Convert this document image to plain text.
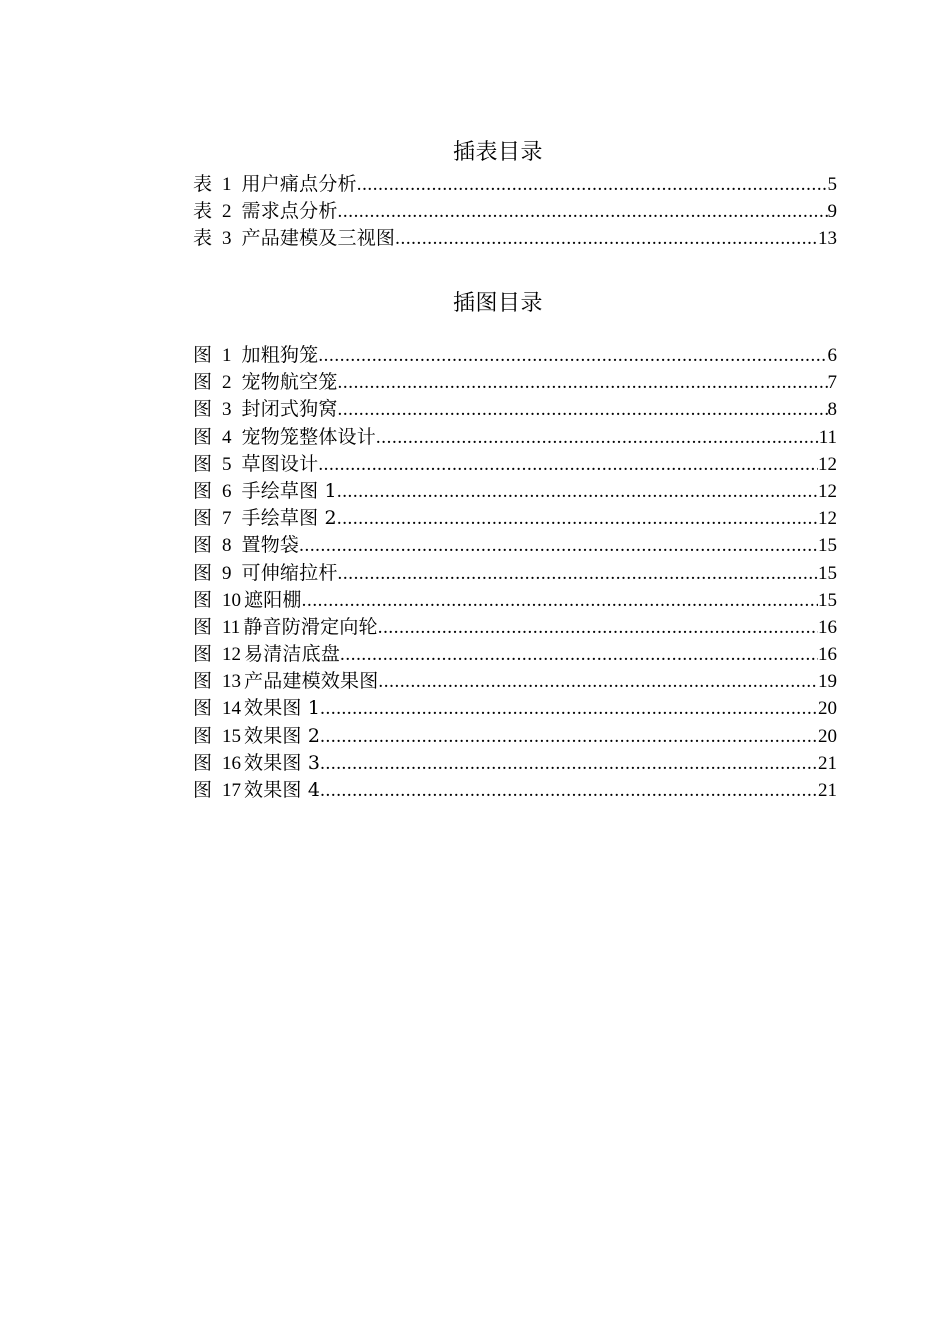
插表目录
表 1 用户痛点分析 .....	5
表 2 需求点分析 .....	9
表 3 产品建模及三视图 .....	13
插图目录
图 1 加粗狗笼 .....	6
图 2 宠物航空笼 .....	7
图 3 封闭式狗窝 .....	8
图 4 宠物笼整体设计 .....	11
图 5 草图设计 .....	12
图 6 手绘草图 1 .....	12
图 7 手绘草图 2 .....	12
图 8 置物袋 .....	15
图 9 可伸缩拉杆 .....	15
图 10 遮阳棚 .....	15
图 11 静音防滑定向轮 .....	16
图 12 易清洁底盘 .....	16
图 13 产品建模效果图 .....	19
图 14 效果图 1 .....	20
图 15 效果图 2 .....	20
图 16 效果图 3 .....	21
图 17 效果图 4 .....	21
